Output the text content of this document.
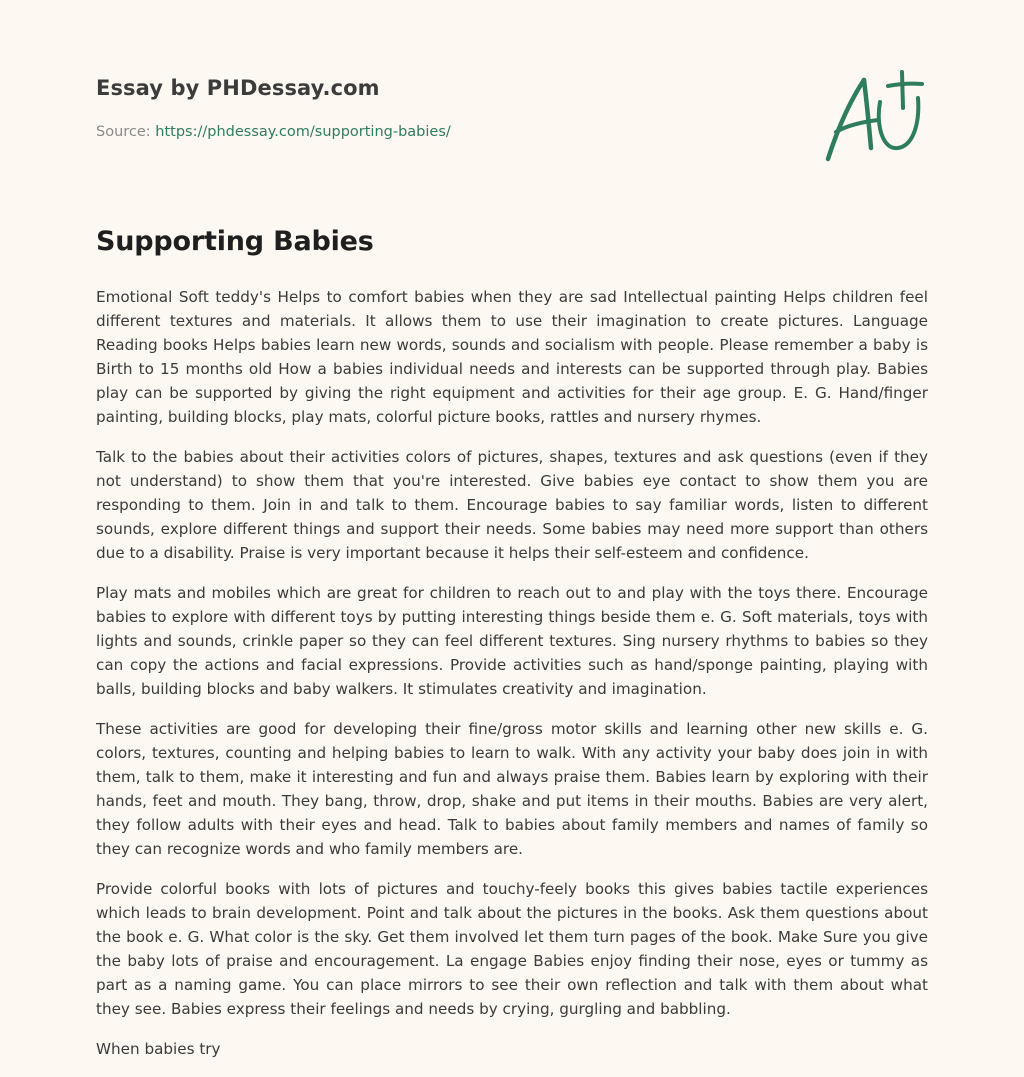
Essay by PHDessay.com
Source: https://phdessay.com/supporting-babies/
Supporting Babies

Emotional Soft teddy's Helps to comfort babies when they are sad Intellectual painting Helps children feel different textures and materials. It allows them to use their imagination to create pictures. Language Reading books Helps babies learn new words, sounds and socialism with people. Please remember a baby is Birth to 15 months old How a babies individual needs and interests can be supported through play. Babies play can be supported by giving the right equipment and activities for their age group. E. G. Hand/finger painting, building blocks, play mats, colorful picture books, rattles and nursery rhymes.

Talk to the babies about their activities colors of pictures, shapes, textures and ask questions (even if they not understand) to show them that you're interested. Give babies eye contact to show them you are responding to them. Join in and talk to them. Encourage babies to say familiar words, listen to different sounds, explore different things and support their needs. Some babies may need more support than others due to a disability. Praise is very important because it helps their self-esteem and confidence.

Play mats and mobiles which are great for children to reach out to and play with the toys there. Encourage babies to explore with different toys by putting interesting things beside them e. G. Soft materials, toys with lights and sounds, crinkle paper so they can feel different textures. Sing nursery rhythms to babies so they can copy the actions and facial expressions. Provide activities such as hand/sponge painting, playing with balls, building blocks and baby walkers. It stimulates creativity and imagination.

These activities are good for developing their fine/gross motor skills and learning other new skills e. G. colors, textures, counting and helping babies to learn to walk. With any activity your baby does join in with them, talk to them, make it interesting and fun and always praise them. Babies learn by exploring with their hands, feet and mouth. They bang, throw, drop, shake and put items in their mouths. Babies are very alert, they follow adults with their eyes and head. Talk to babies about family members and names of family so they can recognize words and who family members are.

Provide colorful books with lots of pictures and touchy-feely books this gives babies tactile experiences which leads to brain development. Point and talk about the pictures in the books. Ask them questions about the book e. G. What color is the sky. Get them involved let them turn pages of the book. Make Sure you give the baby lots of praise and encouragement. La engage Babies enjoy finding their nose, eyes or tummy as part as a naming game. You can place mirrors to see their own reflection and talk with them about what they see. Babies express their feelings and needs by crying, gurgling and babbling.

When babies try
